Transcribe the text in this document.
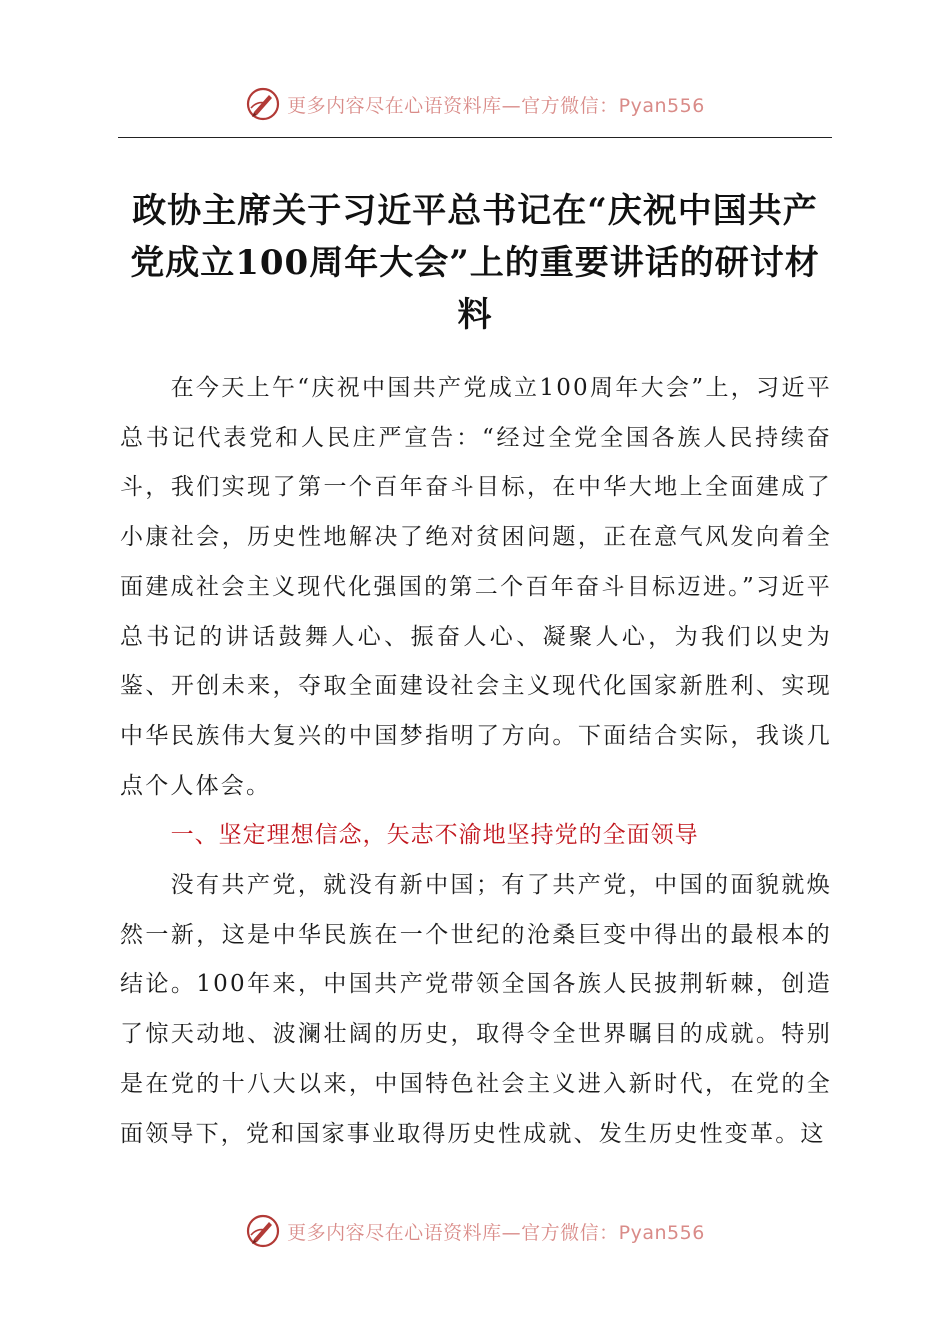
更多内容尽在心语资料库—官方微信：Pyan556
政协主席关于习近平总书记在“庆祝中国共产党成立100周年大会”上的重要讲话的研讨材料

在今天上午“庆祝中国共产党成立100周年大会”上，习近平总书记代表党和人民庄严宣告：“经过全党全国各族人民持续奋斗，我们实现了第一个百年奋斗目标，在中华大地上全面建成了小康社会，历史性地解决了绝对贫困问题，正在意气风发向着全面建成社会主义现代化强国的第二个百年奋斗目标迈进。”习近平总书记的讲话鼓舞人心、振奋人心、凝聚人心，为我们以史为鉴、开创未来，夺取全面建设社会主义现代化国家新胜利、实现中华民族伟大复兴的中国梦指明了方向。下面结合实际，我谈几点个人体会。

一、坚定理想信念，矢志不渝地坚持党的全面领导

没有共产党，就没有新中国；有了共产党，中国的面貌就焕然一新，这是中华民族在一个世纪的沧桑巨变中得出的最根本的结论。100年来，中国共产党带领全国各族人民披荆斩棘，创造了惊天动地、波澜壮阔的历史，取得令全世界瞩目的成就。特别是在党的十八大以来，中国特色社会主义进入新时代，在党的全面领导下，党和国家事业取得历史性成就、发生历史性变革。这

更多内容尽在心语资料库—官方微信：Pyan556
